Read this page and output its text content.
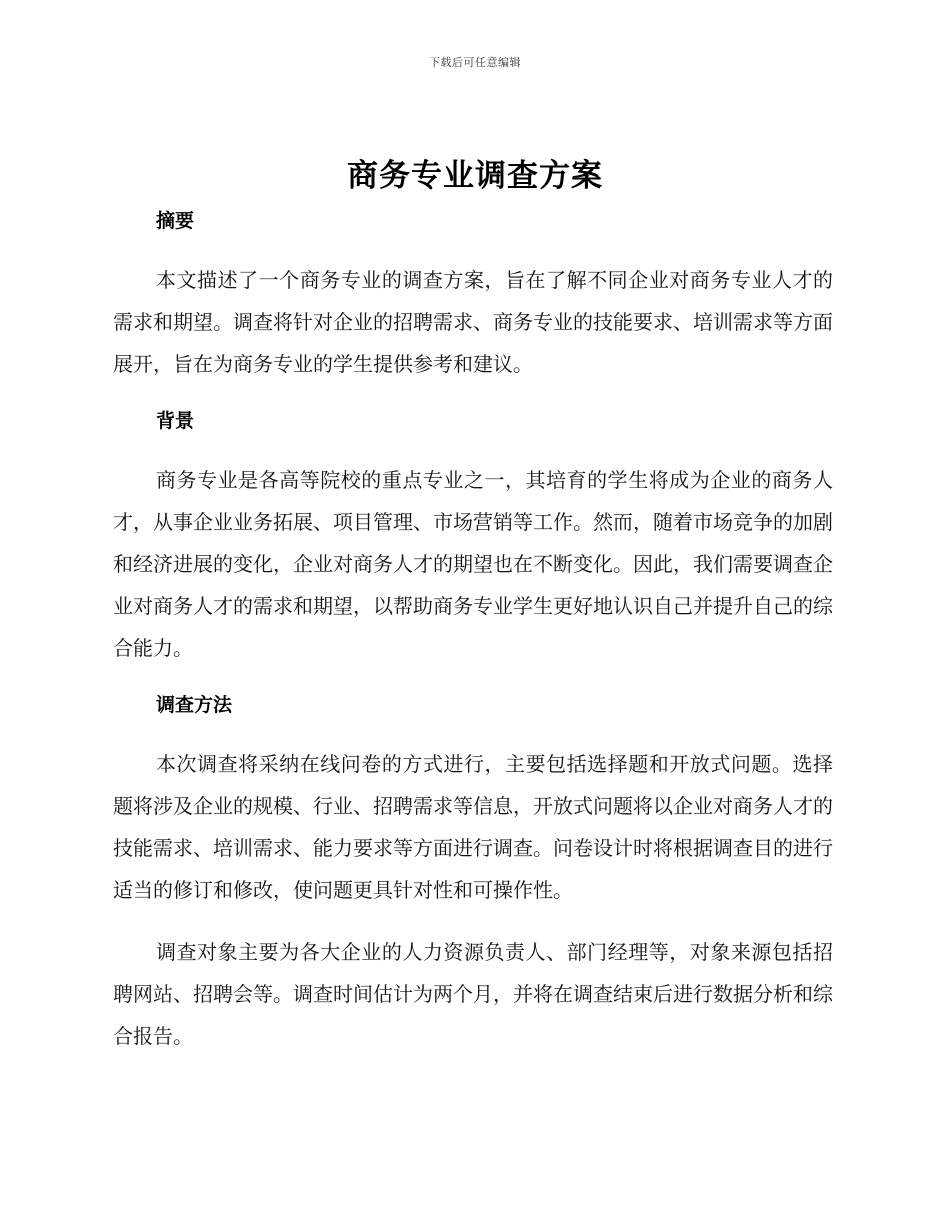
下载后可任意编辑
商务专业调查方案
摘要

本文描述了一个商务专业的调查方案，旨在了解不同企业对商务专业人才的需求和期望。调查将针对企业的招聘需求、商务专业的技能要求、培训需求等方面展开，旨在为商务专业的学生提供参考和建议。

背景

商务专业是各高等院校的重点专业之一，其培育的学生将成为企业的商务人才，从事企业业务拓展、项目管理、市场营销等工作。然而，随着市场竞争的加剧和经济进展的变化，企业对商务人才的期望也在不断变化。因此，我们需要调查企业对商务人才的需求和期望，以帮助商务专业学生更好地认识自己并提升自己的综合能力。

调查方法

本次调查将采纳在线问卷的方式进行，主要包括选择题和开放式问题。选择题将涉及企业的规模、行业、招聘需求等信息，开放式问题将以企业对商务人才的技能需求、培训需求、能力要求等方面进行调查。问卷设计时将根据调查目的进行适当的修订和修改，使问题更具针对性和可操作性。

调查对象主要为各大企业的人力资源负责人、部门经理等，对象来源包括招聘网站、招聘会等。调查时间估计为两个月，并将在调查结束后进行数据分析和综合报告。
